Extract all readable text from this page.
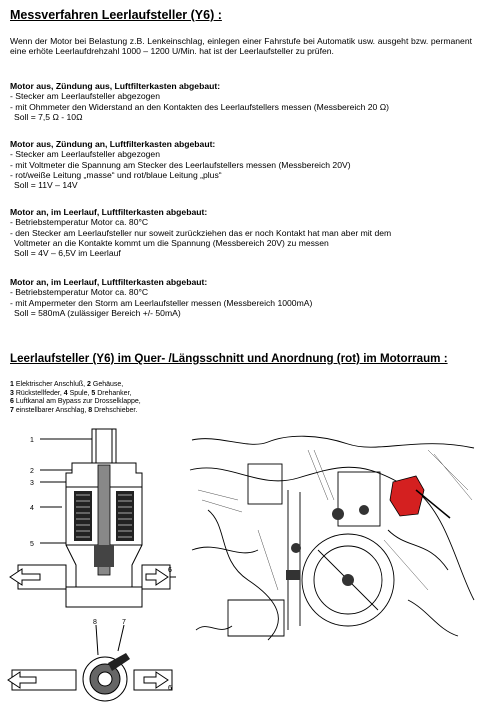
Messverfahren Leerlaufsteller (Y6) :
Wenn der Motor bei Belastung z.B. Lenkeinschlag, einlegen einer Fahrstufe bei Automatik usw. ausgeht bzw. permanent eine erhöte Leerlaufdrehzahl 1000 – 1200 U/Min. hat ist der Leerlaufsteller zu prüfen.
Motor aus, Zündung aus, Luftfilterkasten abgebaut:
- Stecker am Leerlaufsteller abgezogen
- mit Ohmmeter den Widerstand an den Kontakten des Leerlaufstellers messen (Messbereich 20 Ω)
Soll = 7,5 Ω - 10Ω
Motor aus, Zündung an, Luftfilterkasten abgebaut:
- Stecker am Leerlaufsteller abgezogen
- mit Voltmeter die Spannung am Stecker des Leerlaufstellers messen (Messbereich 20V)
- rot/weiße Leitung „masse“ und rot/blaue Leitung „plus“
Soll = 11V – 14V
Motor an, im Leerlauf, Luftfilterkasten abgebaut:
- Betriebstemperatur Motor ca. 80°C
- den Stecker am Leerlaufsteller nur soweit zurückziehen das er noch Kontakt hat man aber mit dem
Voltmeter an die Kontakte kommt um die Spannung (Messbereich 20V) zu messen
Soll = 4V – 6,5V im Leerlauf
Motor an, im Leerlauf, Luftfilterkasten abgebaut:
- Betriebstemperatur Motor ca. 80°C
- mit Ampermeter den Storm am Leerlaufsteller messen (Messbereich 1000mA)
Soll = 580mA (zulässiger Bereich +/- 50mA)
Leerlaufsteller (Y6) im Quer- /Längsschnitt und Anordnung (rot) im Motorraum :
1 Elektrischer Anschluß, 2 Gehäuse,
3 Rückstellfeder, 4 Spule, 5 Drehanker,
6 Luftkanal am Bypass zur Drosselklappe,
7 einstellbarer Anschlag, 8 Drehschieber.
1
2
3
4
5
6
8	7
6
